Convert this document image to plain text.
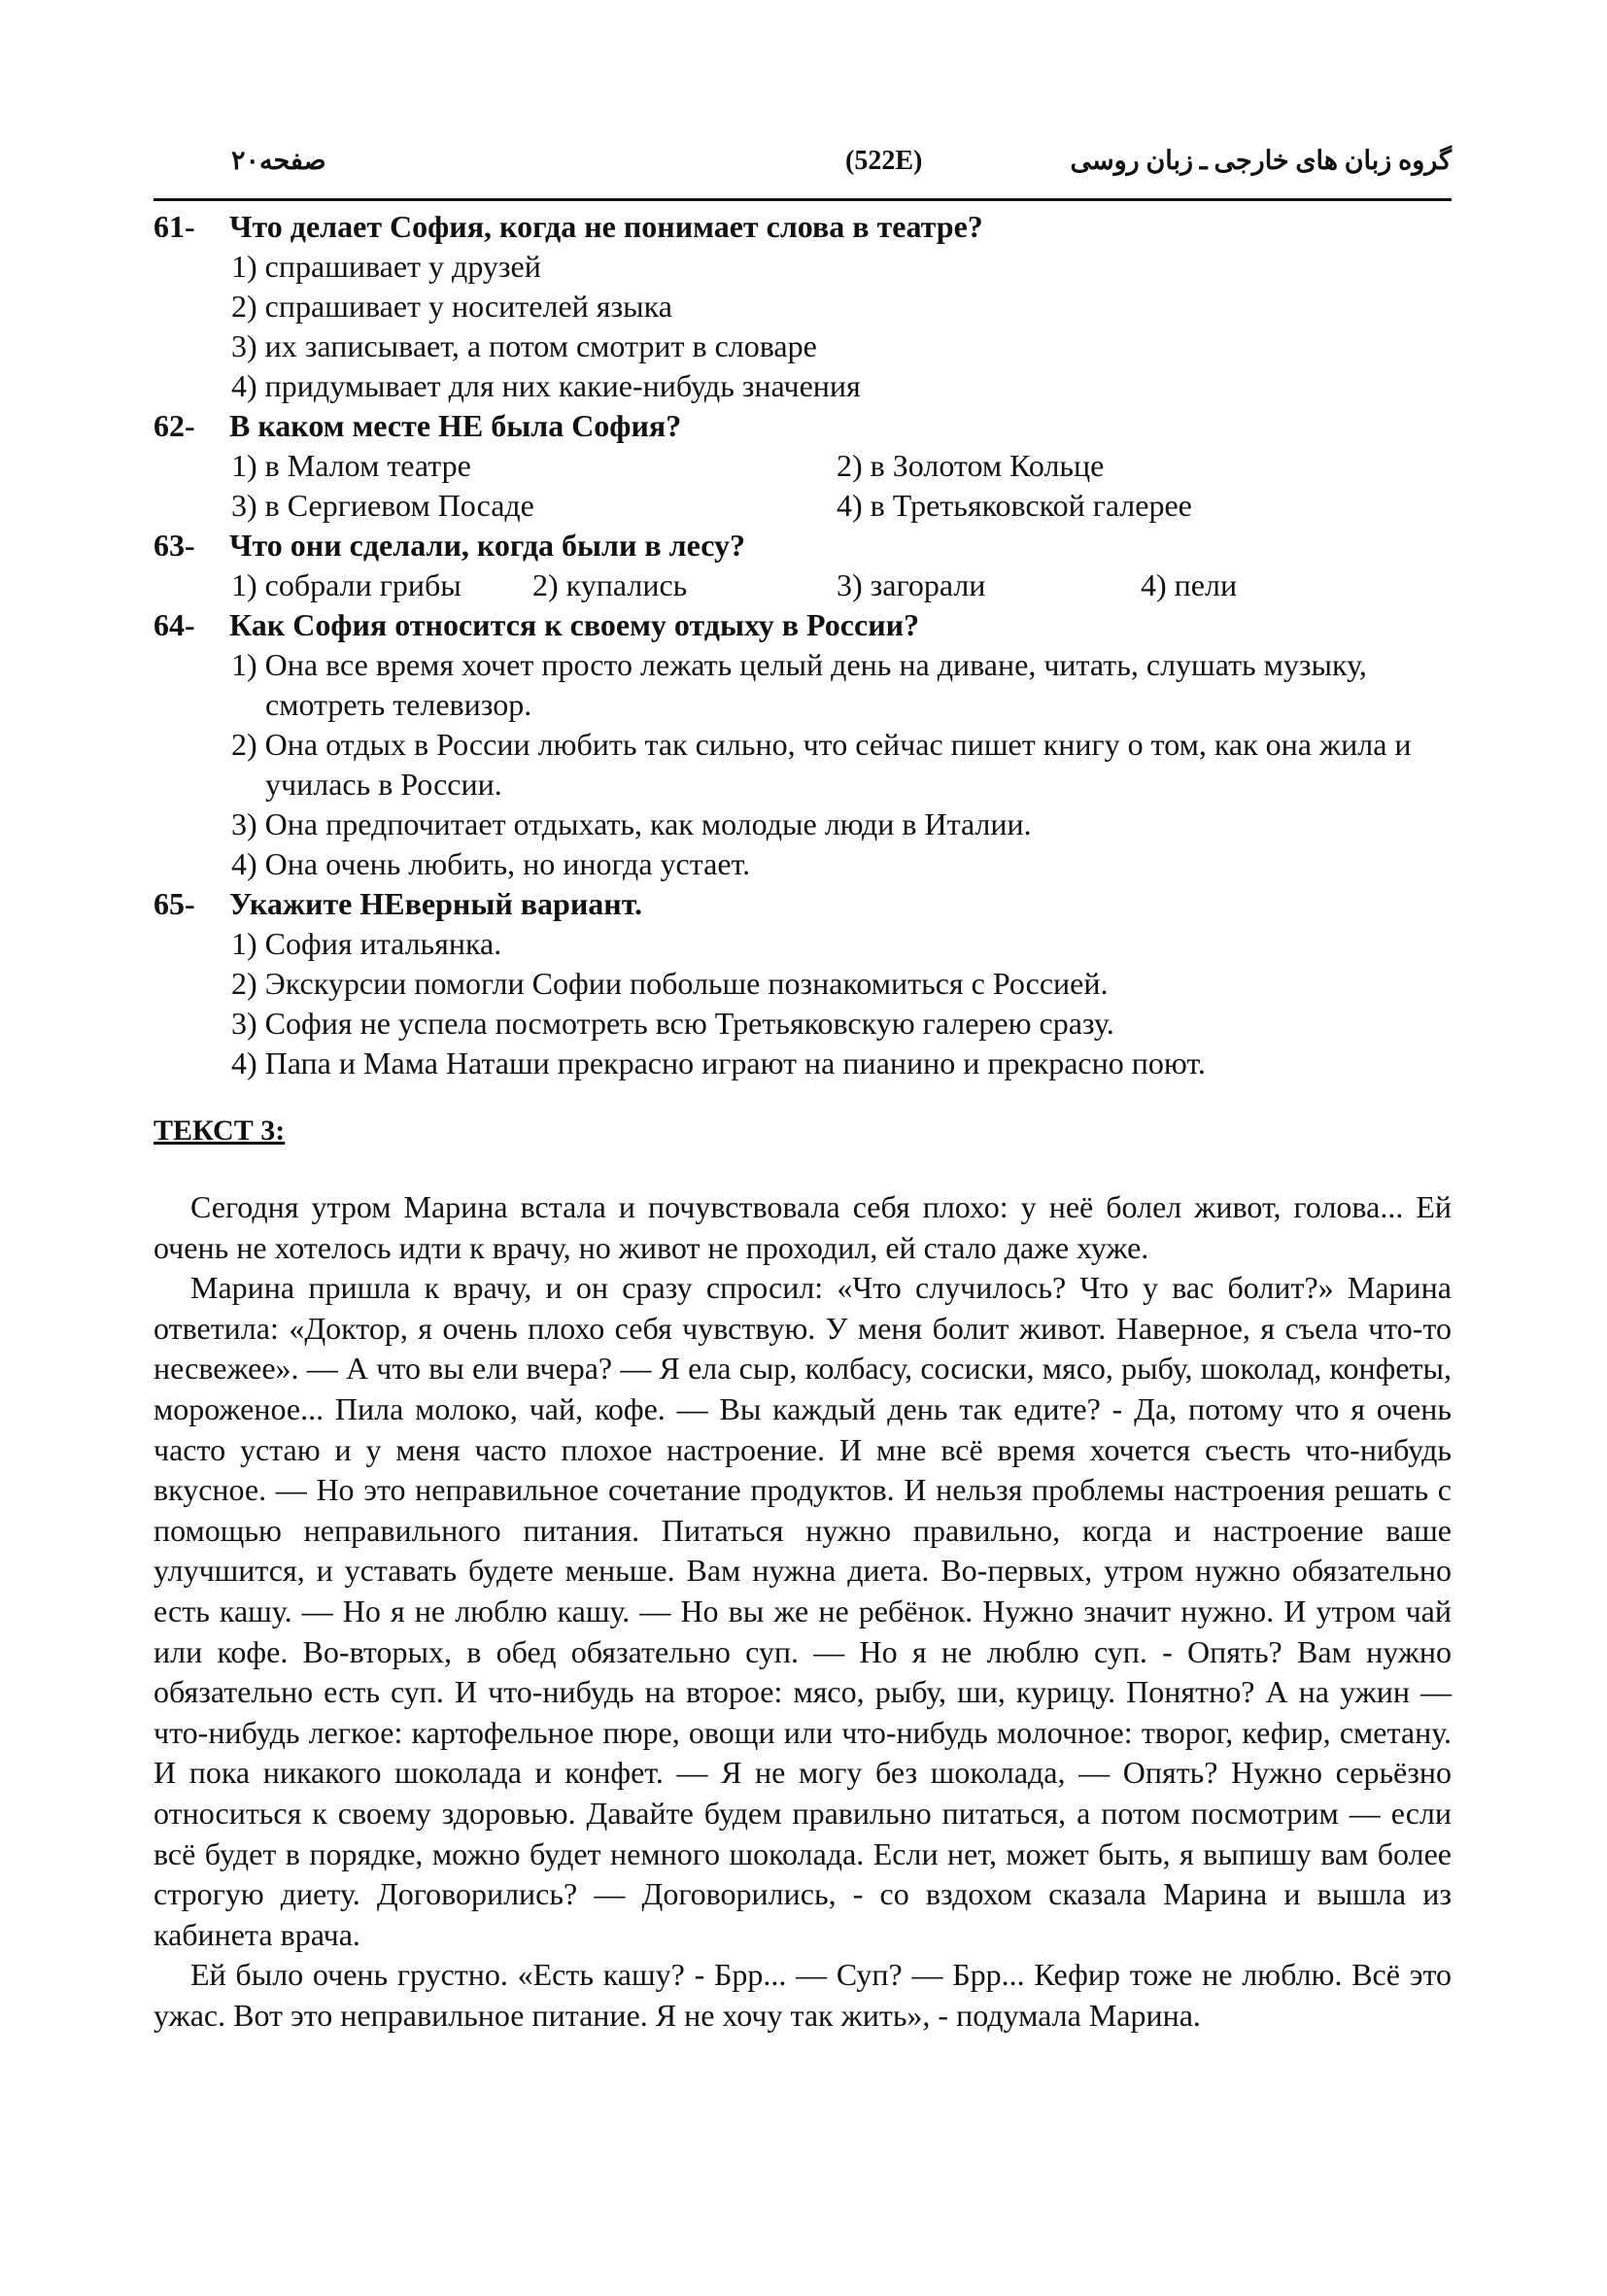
صفحه۲۰	(522E)	گروه زبان های خارجی ـ زبان روسی
61-	Что делает София, когда не понимает слова в театре?
1) спрашивает у друзей
2) спрашивает у носителей языка
3) их записывает, а потом смотрит в словаре
4) придумывает для них какие-нибудь значения
62-	В каком месте НЕ была София?
1) в Малом театре	2) в Золотом Кольце
3) в Сергиевом Посаде	4) в Третьяковской галерее
63-	Что они сделали, когда были в лесу?
1) собрали грибы	2) купались	3) загорали	4) пели
64-	Как София относится к своему отдыху в России?
1) Она все время хочет просто лежать целый день на диване, читать, слушать музыку, смотреть телевизор.
2) Она отдых в России любить так сильно, что сейчас пишет книгу о том, как она жила и училась в России.
3) Она предпочитает отдыхать, как молодые люди в Италии.
4) Она очень любить, но иногда устает.
65-	Укажите НЕверный вариант.
1) София итальянка.
2) Экскурсии помогли Софии побольше познакомиться с Россией.
3) София не успела посмотреть всю Третьяковскую галерею сразу.
4) Папа и Мама Наташи прекрасно играют на пианино и прекрасно поют.
ТЕКСТ 3:

Сегодня утром Марина встала и почувствовала себя плохо: у неё болел живот, голова... Ей очень не хотелось идти к врачу, но живот не проходил, ей стало даже хуже.

Марина пришла к врачу, и он сразу спросил: «Что случилось? Что у вас болит?» Марина ответила: «Доктор, я очень плохо себя чувствую. У меня болит живот. Наверное, я съела что-то несвежее». — А что вы ели вчера? — Я ела сыр, колбасу, сосиски, мясо, рыбу, шоколад, конфеты, мороженое... Пила молоко, чай, кофе. — Вы каждый день так едите? - Да, потому что я очень часто устаю и у меня часто плохое настроение. И мне всё время хочется съесть что-нибудь вкусное. — Но это неправильное сочетание продуктов. И нельзя проблемы настроения решать с помощью неправильного питания. Питаться нужно правильно, когда и настроение ваше улучшится, и уставать будете меньше. Вам нужна диета. Во-первых, утром нужно обязательно есть кашу. — Но я не люблю кашу. — Но вы же не ребёнок. Нужно значит нужно. И утром чай или кофе. Во-вторых, в обед обязательно суп. — Но я не люблю суп. - Опять? Вам нужно обязательно есть суп. И что-нибудь на второе: мясо, рыбу, ши, курицу. Понятно? А на ужин — что-нибудь легкое: картофельное пюре, овощи или что-нибудь молочное: творог, кефир, сметану. И пока никакого шоколада и конфет. — Я не могу без шоколада, — Опять? Нужно серьёзно относиться к своему здоровью. Давайте будем правильно питаться, а потом посмотрим — если всё будет в порядке, можно будет немного шоколада. Если нет, может быть, я выпишу вам более строгую диету. Договорились? — Договорились, - со вздохом сказала Марина и вышла из кабинета врача.

Ей было очень грустно. «Есть кашу? - Брр... — Суп? — Брр... Кефир тоже не люблю. Всё это ужас. Вот это неправильное питание. Я не хочу так жить», - подумала Марина.
